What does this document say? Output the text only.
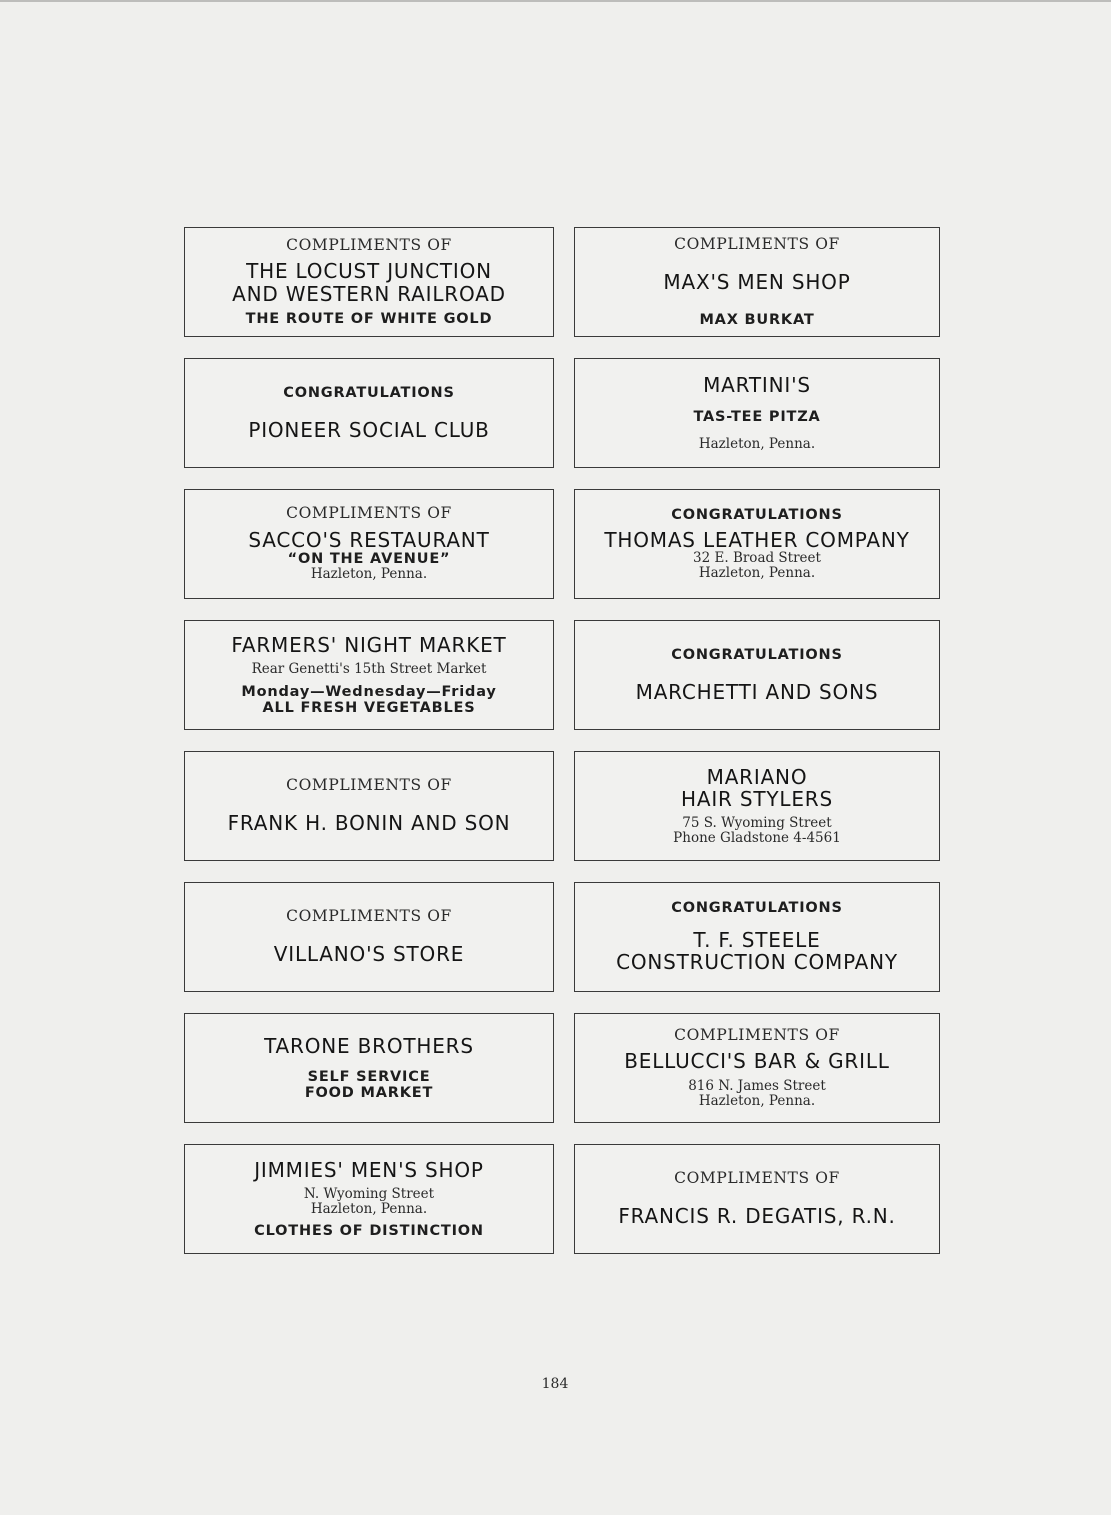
COMPLIMENTS OF
THE LOCUST JUNCTION
AND WESTERN RAILROAD
THE ROUTE OF WHITE GOLD
COMPLIMENTS OF
MAX'S MEN SHOP
MAX BURKAT
CONGRATULATIONS
PIONEER SOCIAL CLUB
MARTINI'S
TAS-TEE PITZA
Hazleton, Penna.
COMPLIMENTS OF
SACCO'S RESTAURANT
“ON THE AVENUE”
Hazleton, Penna.
CONGRATULATIONS
THOMAS LEATHER COMPANY
32 E. Broad Street
Hazleton, Penna.
FARMERS' NIGHT MARKET
Rear Genetti's 15th Street Market
Monday—Wednesday—Friday
ALL FRESH VEGETABLES
CONGRATULATIONS
MARCHETTI AND SONS
COMPLIMENTS OF
FRANK H. BONIN AND SON
MARIANO
HAIR STYLERS
75 S. Wyoming Street
Phone Gladstone 4-4561
COMPLIMENTS OF
VILLANO'S STORE
CONGRATULATIONS
T. F. STEELE
CONSTRUCTION COMPANY
TARONE BROTHERS
SELF SERVICE
FOOD MARKET
COMPLIMENTS OF
BELLUCCI'S BAR & GRILL
816 N. James Street
Hazleton, Penna.
JIMMIES' MEN'S SHOP
N. Wyoming Street
Hazleton, Penna.
CLOTHES OF DISTINCTION
COMPLIMENTS OF
FRANCIS R. DEGATIS, R.N.
184
